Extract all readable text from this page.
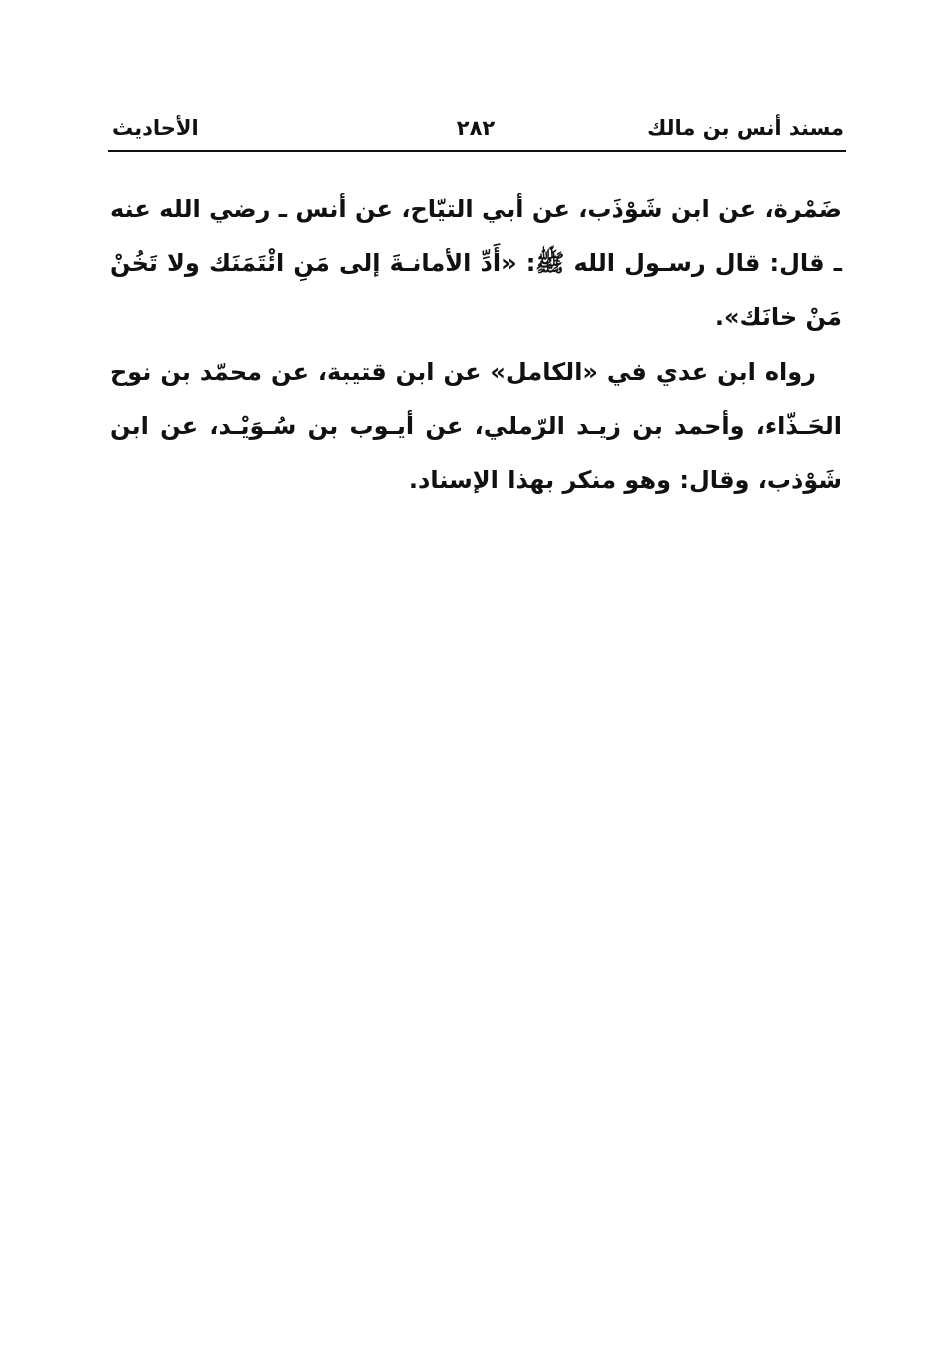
مسند أنس بن مالك
٢٨٢
الأحاديث

ضَمْرة، عن ابن شَوْذَب، عن أبي التيّاح، عن أنس ـ رضي الله عنه ـ قال: قال رسـول الله ﷺ: «أَدِّ الأمانـةَ إلى مَنِ ائْتَمَنَك ولا تَخُنْ مَنْ خانَك».

رواه ابن عدي في «الكامل» عن ابن قتيبة، عن محمّد بن نوح الحَـذّاء، وأحمد بن زيـد الرّملي، عن أيـوب بن سُـوَيْـد، عن ابن شَوْذب، وقال: وهو منكر بهذا الإسناد.
